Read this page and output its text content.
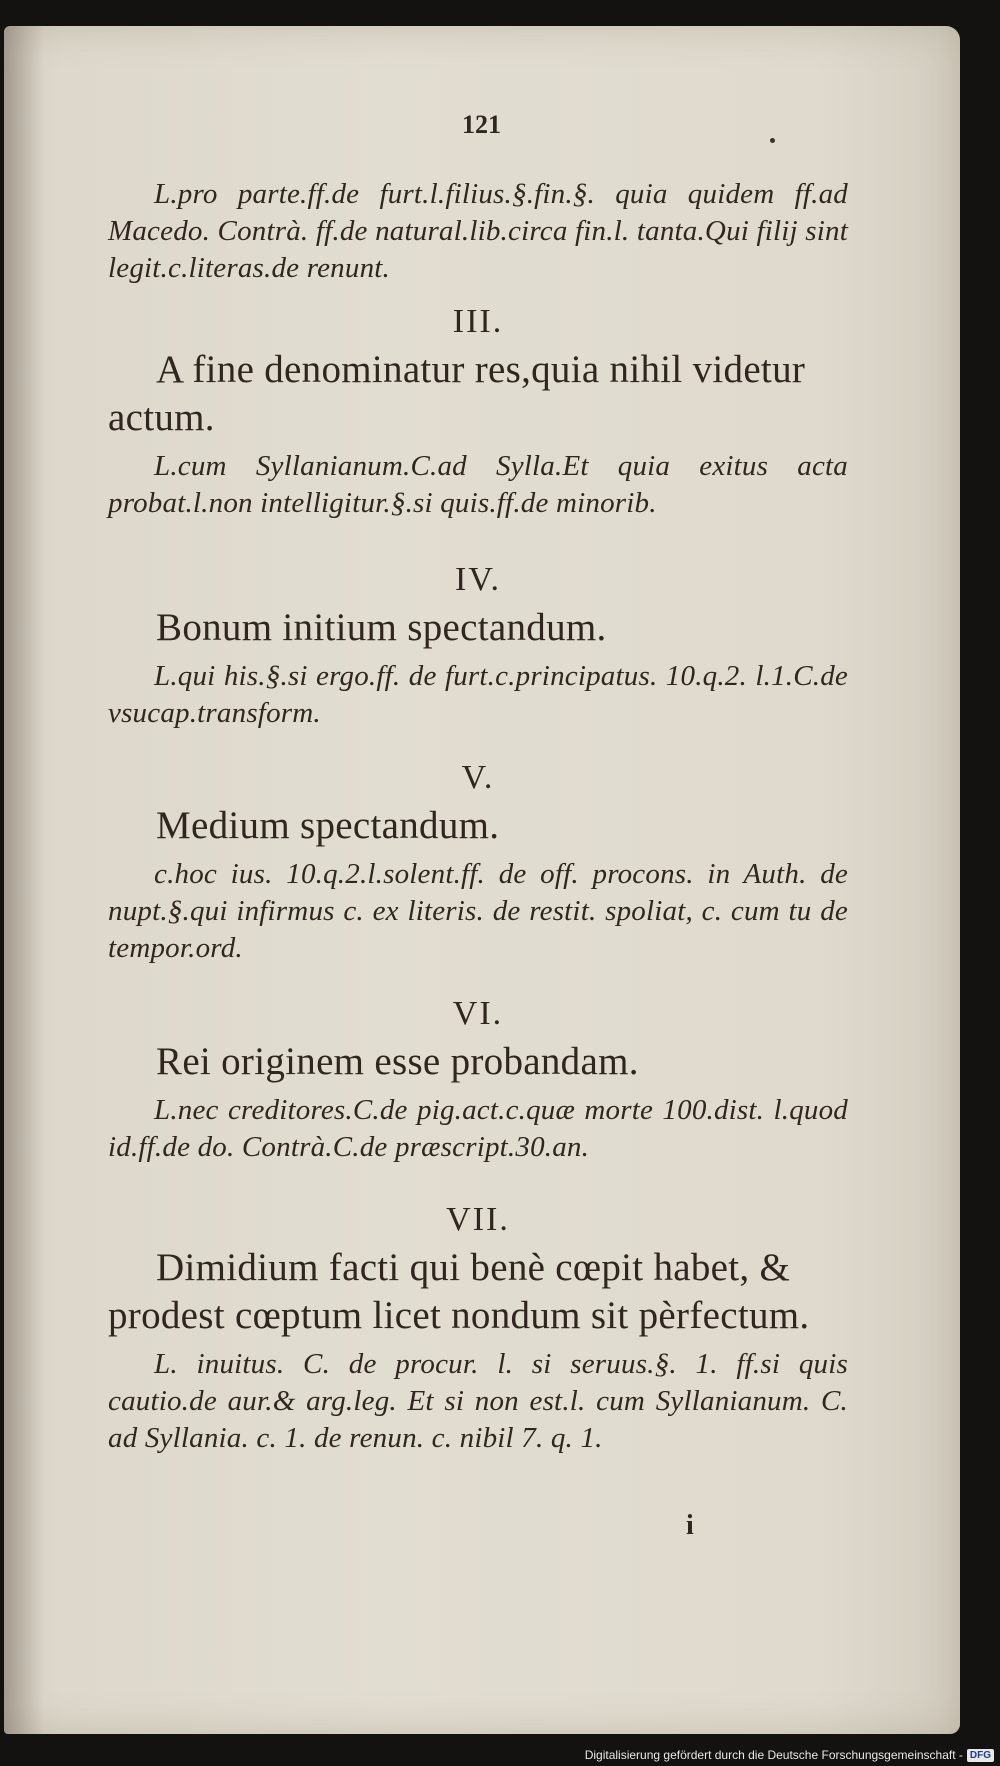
121

L.pro parte.ff.de furt.l.filius.§.fin.§. quia quidem ff.ad Macedo. Contrà. ff.de natural.lib.circa fin.l. tanta.Qui filij sint legit.c.literas.de renunt.

III.

A fine denominatur res,quia nihil videtur actum.

L.cum Syllanianum.C.ad Sylla.Et quia exitus acta probat.l.non intelligitur.§.si quis.ff.de minorib.

IV.

Bonum initium spectandum.

L.qui his.§.si ergo.ff. de furt.c.principatus. 10.q.2. l.1.C.de vsucap.transform.

V.

Medium spectandum.

c.hoc ius. 10.q.2.l.solent.ff. de off. procons. in Auth. de nupt.§.qui infirmus c. ex literis. de restit. spoliat, c. cum tu de tempor.ord.

VI.

Rei originem esse probandam.

L.nec creditores.C.de pig.act.c.quæ morte 100.dist. l.quod id.ff.de do. Contrà.C.de præscript.30.an.

VII.

Dimidium facti qui benè cœpit habet, & prodest cœptum licet nondum sit pèrfectum.

L. inuitus. C. de procur. l. si seruus.§. 1. ff.si quis cautio.de aur.& arg.leg. Et si non est.l. cum Syllanianum. C. ad Syllania. c. 1. de renun. c. nibil 7. q. 1.

i
Digitalisierung gefördert durch die Deutsche Forschungsgemeinschaft - DFG
